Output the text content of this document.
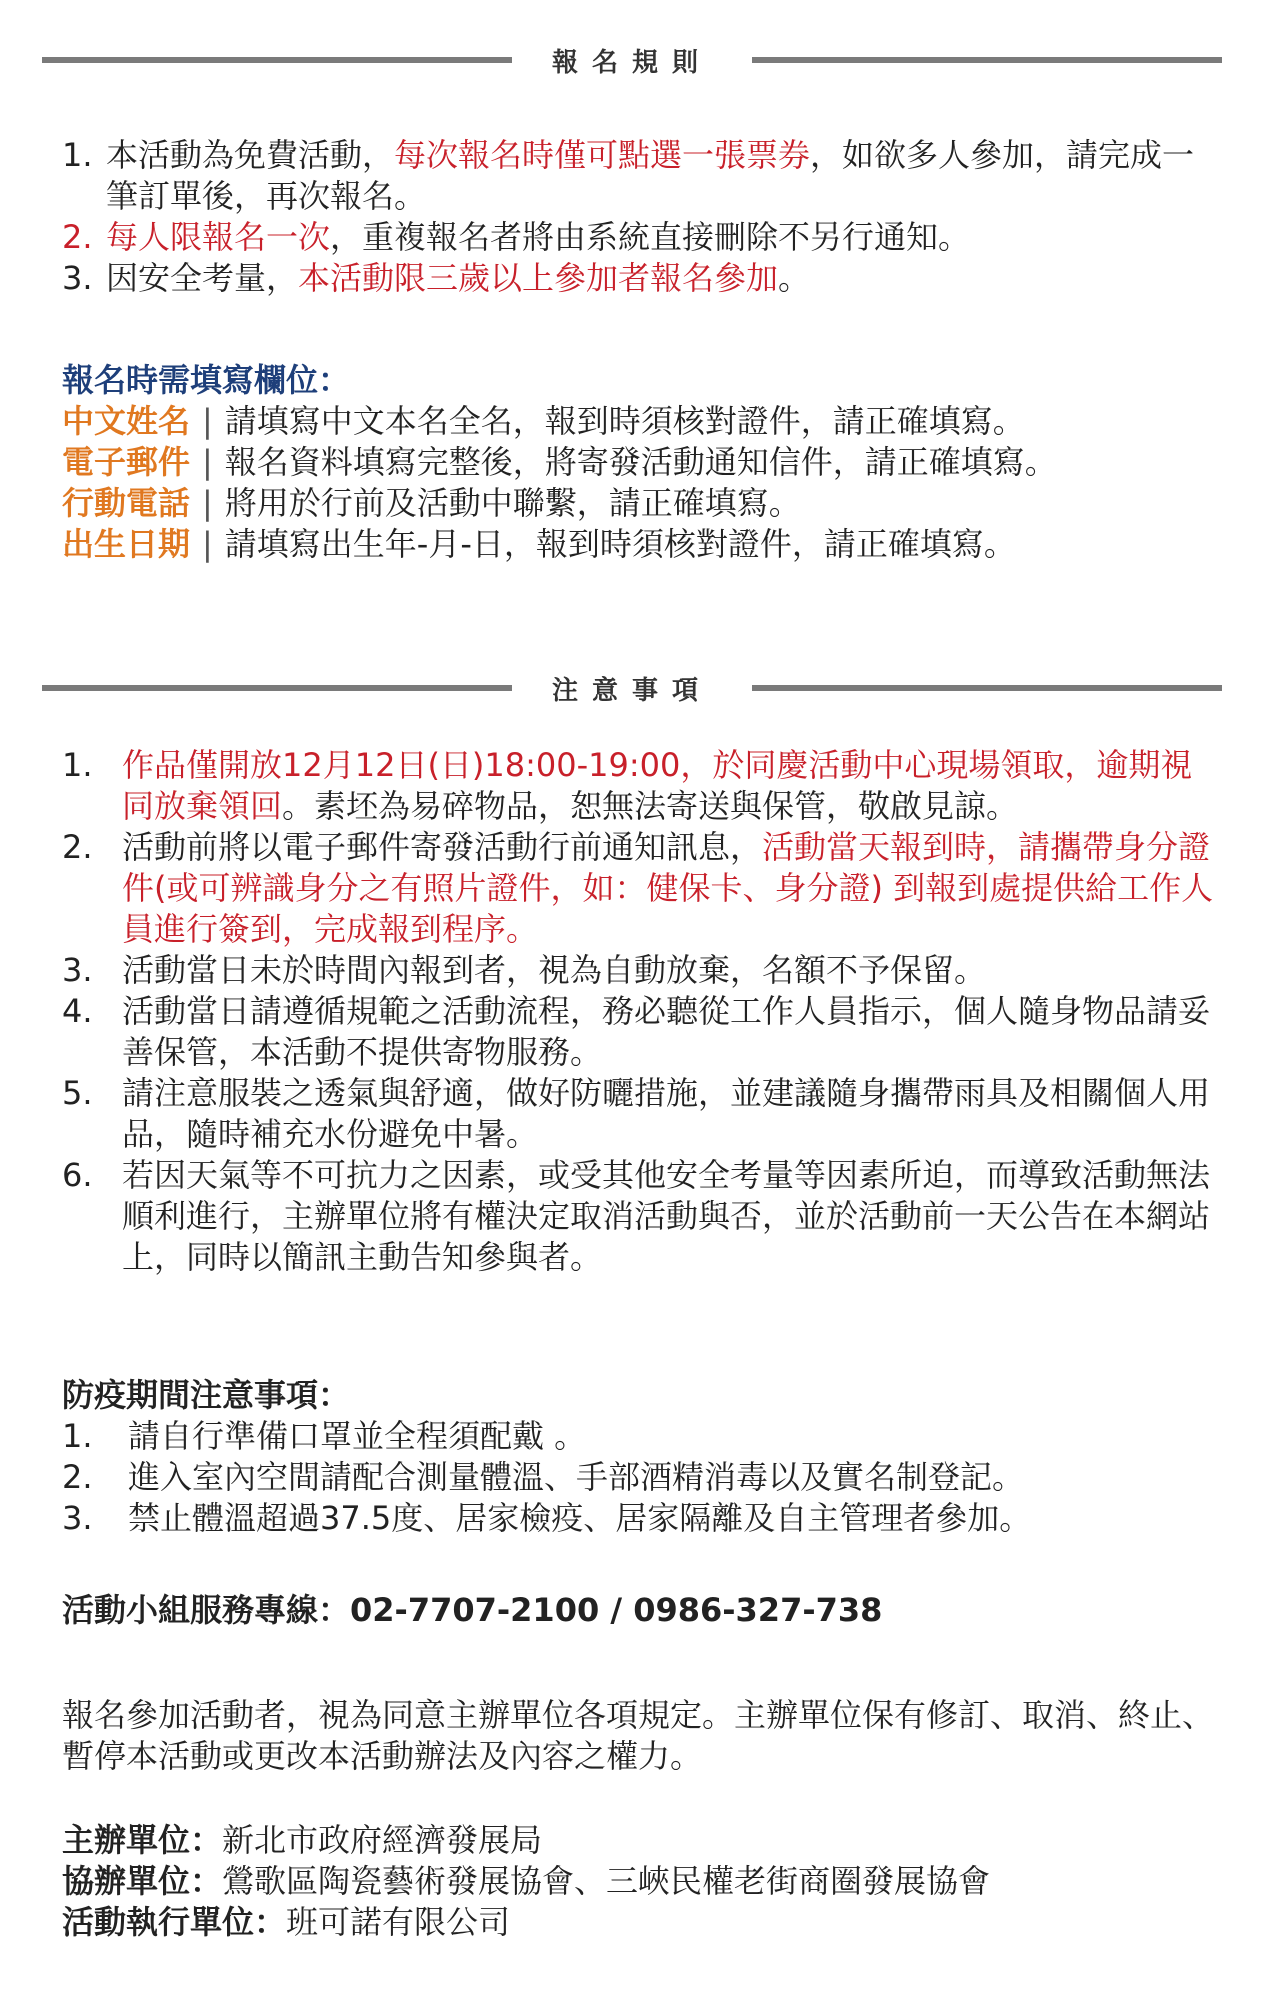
報名規則
1. 本活動為免費活動，每次報名時僅可點選一張票券，如欲多人參加，請完成一筆訂單後，再次報名。
2. 每人限報名一次，重複報名者將由系統直接刪除不另行通知。
3. 因安全考量，本活動限三歲以上參加者報名參加。
報名時需填寫欄位：
中文姓名 | 請填寫中文本名全名，報到時須核對證件，請正確填寫。
電子郵件 | 報名資料填寫完整後，將寄發活動通知信件，請正確填寫。
行動電話 | 將用於行前及活動中聯繫，請正確填寫。
出生日期 | 請填寫出生年-月-日，報到時須核對證件，請正確填寫。
注意事項
1. 作品僅開放12月12日(日)18:00-19:00，於同慶活動中心現場領取，逾期視同放棄領回。素坯為易碎物品，恕無法寄送與保管，敬啟見諒。
2. 活動前將以電子郵件寄發活動行前通知訊息，活動當天報到時，請攜帶身分證件(或可辨識身分之有照片證件，如：健保卡、身分證) 到報到處提供給工作人員進行簽到，完成報到程序。
3. 活動當日未於時間內報到者，視為自動放棄，名額不予保留。
4. 活動當日請遵循規範之活動流程，務必聽從工作人員指示，個人隨身物品請妥善保管，本活動不提供寄物服務。
5. 請注意服裝之透氣與舒適，做好防曬措施，並建議隨身攜帶雨具及相關個人用品，隨時補充水份避免中暑。
6. 若因天氣等不可抗力之因素，或受其他安全考量等因素所迫，而導致活動無法順利進行，主辦單位將有權決定取消活動與否，並於活動前一天公告在本網站上，同時以簡訊主動告知參與者。
防疫期間注意事項：
1.	請自行準備口罩並全程須配戴 。
2.	進入室內空間請配合測量體溫、手部酒精消毒以及實名制登記。
3.	禁止體溫超過37.5度、居家檢疫、居家隔離及自主管理者參加。
活動小組服務專線：02-7707-2100 / 0986-327-738
報名參加活動者，視為同意主辦單位各項規定。主辦單位保有修訂、取消、終止、暫停本活動或更改本活動辦法及內容之權力。
主辦單位：新北市政府經濟發展局
協辦單位：鶯歌區陶瓷藝術發展協會、三峽民權老街商圈發展協會
活動執行單位：班可諾有限公司
